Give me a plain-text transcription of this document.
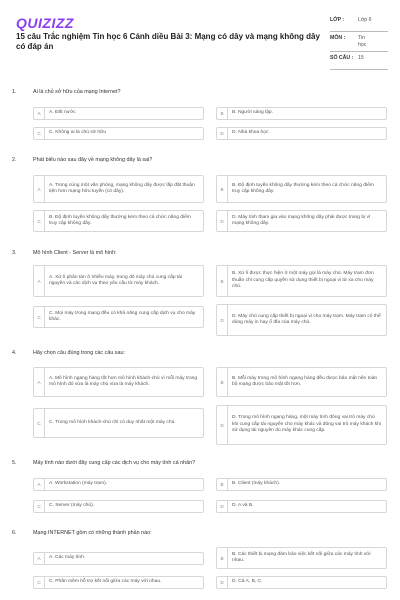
QUIZIZZ
15 câu Trắc nghiệm Tin học 6 Cánh diều Bài 3: Mạng có dây và mạng không dây có đáp án
LỚP :	Lớp 6
MÔN :	Tin học
SỐ CÂU : 15
1.	Ai là chủ sở hữu của mạng Internet?
A	A. Đất nước	B	B. Người sáng lập.
C	C. Không ai là chủ sở hữu	D	D. Nhà khoa học
2.	Phát biểu nào sau đây về mạng không dây là sai?
A
A. Trong cùng một văn phòng, mạng không dây được lắp đặt thuận tiện hơn mạng hữu tuyến (có dây).	B
B. Độ định tuyến không dây thường kém theo cả chức năng điểm truy cập không dây.
C
B. Độ định tuyến không dây thường kém theo cả chức năng điểm truy cập không dây.	D
D. Máy tính tham gia vào mạng không dây phải được trang bị vỉ mạng không dây.
3.	Mô hình Client - Server là mô hình:
A
A. Xử lí phân tán ở nhiều máy, trong đó máy chủ cung cấp tài nguyên và các dịch vụ theo yêu cầu từ máy khách.	B
B. Xử lí được thực hiện ở một máy gọi là máy chủ. Máy trạm đơn thuần chỉ cung cấp quyền sử dụng thiết bị ngoại vi từ xa cho máy chủ.
C
C. Mọi máy trong mạng đều có khả năng cung cấp dịch vụ cho máy khác.	D
D. Máy chủ cung cấp thiết bị ngoại vi cho máy trạm. Máy trạm có thể dùng máy in hay ổ đĩa của máy chủ.
4.	Hãy chọn câu đúng trong các câu sau:
A
A. Mô hình ngang hàng tốt hơn mô hình khách-chủ vì mỗi máy trong mô hình đó vừa là máy chủ vừa là máy khách.	B
B. Mỗi máy trong mô hình ngang hàng đều được bảo mật nên toàn bộ mạng được bảo mật tốt hơn.
C	C. Trong mô hình khách-chủ chỉ có duy nhất một máy chủ.
D
D. Trong mô hình ngang hàng, một máy tính đóng vai trò máy chủ khi cung cấp tài nguyên cho máy khác và đóng vai trò máy khách khi sử dụng tài nguyên do máy khác cung cấp.
5.	Máy tính nào dưới đây cung cấp các dịch vụ cho máy tính cá nhân?
A	A. Workstation (máy trạm).	B	B. Client (máy khách).
C	C. Server (máy chủ).	D	D. A và B.
6.	Mạng INTERNET gồm có những thành phần nào:
A	A. Các máy tính.	B
B. Các thiết bị mạng đảm bảo việc kết nối giữa các máy tính với nhau.
C	C. Phần mềm hỗ trợ kết nối giữa các máy với nhau.	D	D. Cả A, B, C.
